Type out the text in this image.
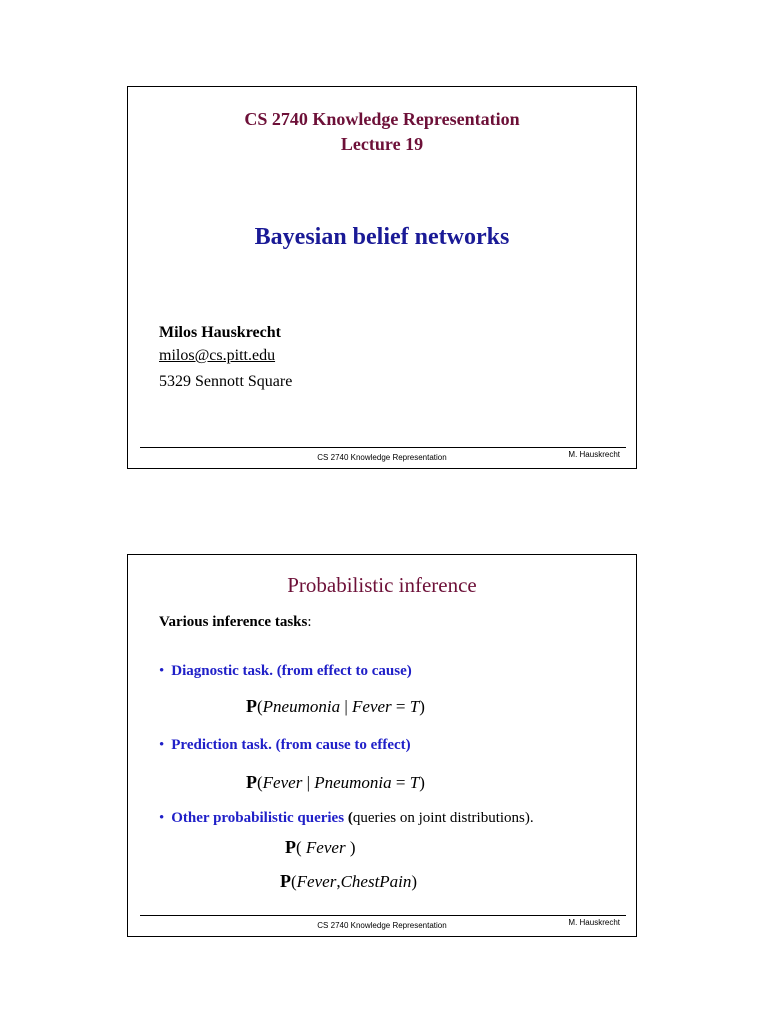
CS 2740 Knowledge Representation
Lecture 19
Bayesian belief networks
Milos Hauskrecht
milos@cs.pitt.edu
5329 Sennott Square
CS 2740 Knowledge Representation	M. Hauskrecht
Probabilistic inference
Various inference tasks:
• Diagnostic task. (from effect to cause)
P(Pneumonia | Fever = T)
• Prediction task. (from cause to effect)
P(Fever | Pneumonia = T)
• Other probabilistic queries (queries on joint distributions).
P( Fever )
P(Fever,ChestPain)
CS 2740 Knowledge Representation	M. Hauskrecht
